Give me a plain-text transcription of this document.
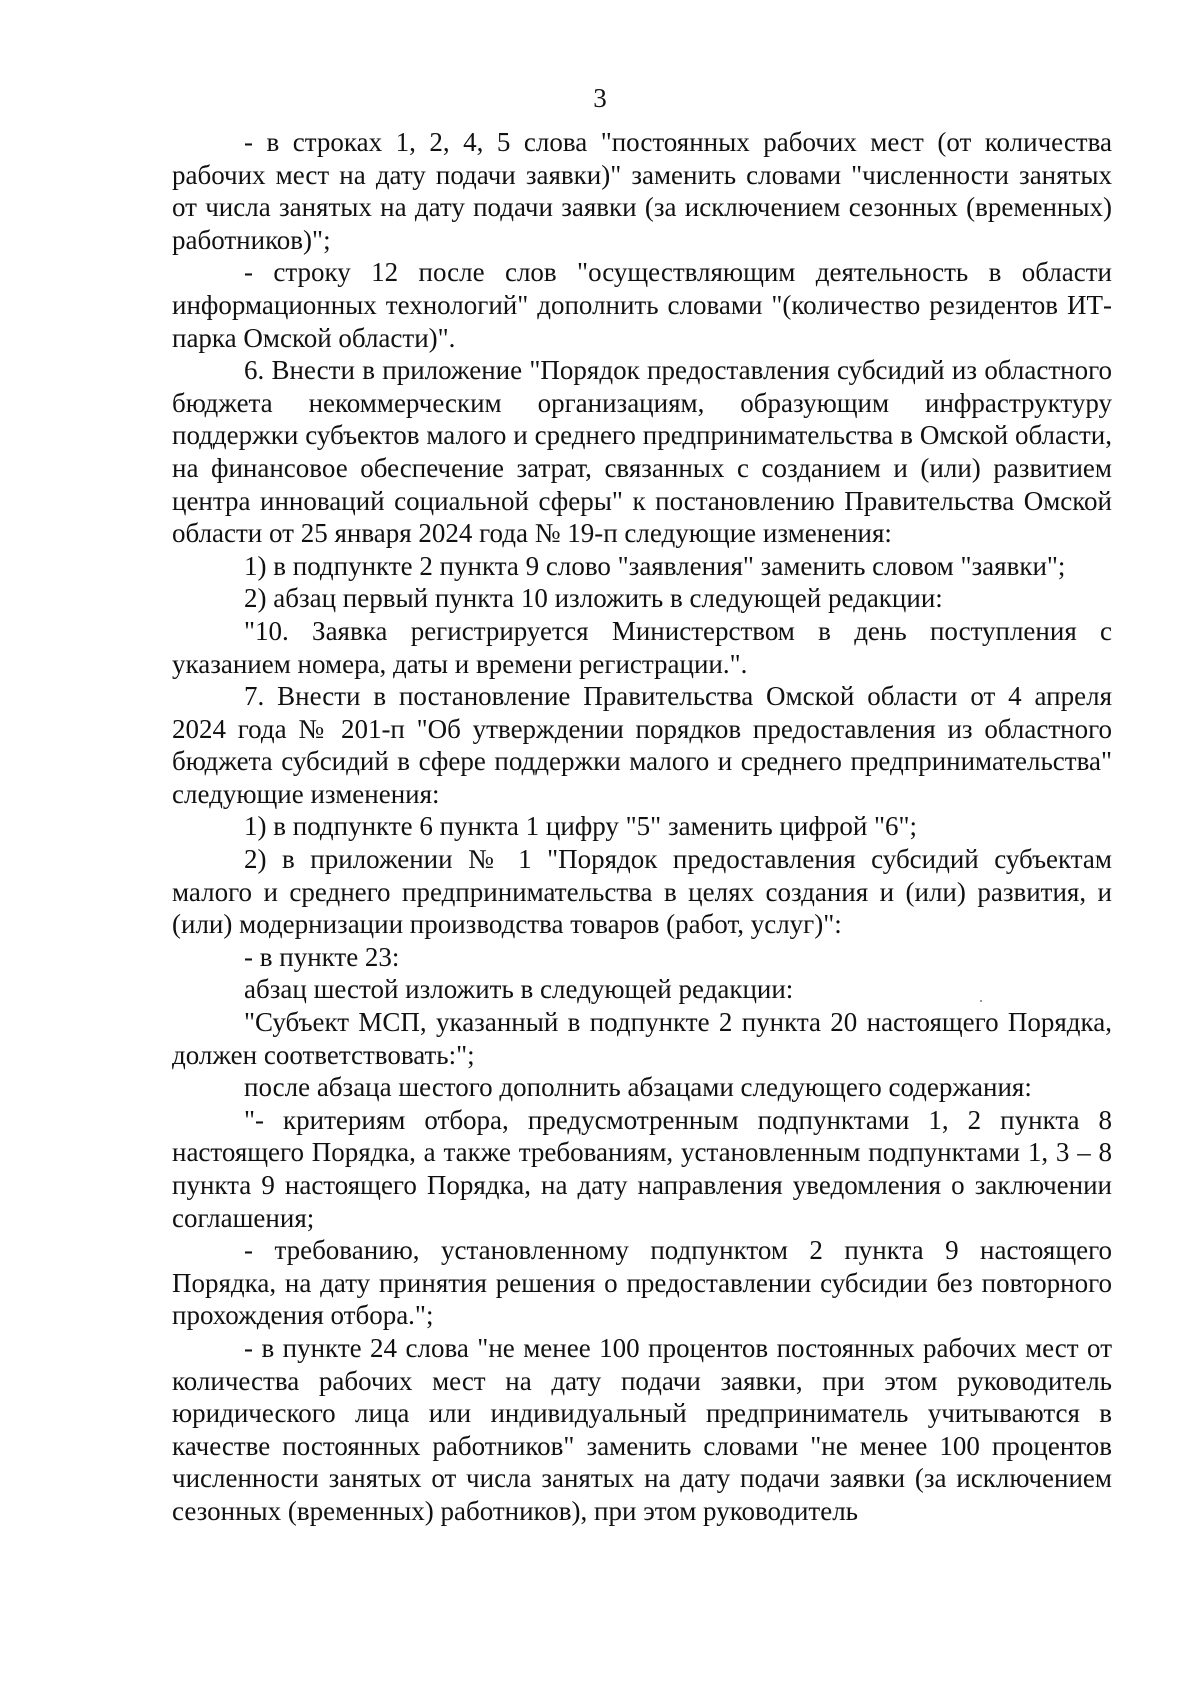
3

- в строках 1, 2, 4, 5 слова "постоянных рабочих мест (от количества рабочих мест на дату подачи заявки)" заменить словами "численности занятых от числа занятых на дату подачи заявки (за исключением сезонных (временных) работников)";

- строку 12 после слов "осуществляющим деятельность в области информационных технологий" дополнить словами "(количество резидентов ИТ-парка Омской области)".

6. Внести в приложение "Порядок предоставления субсидий из областного бюджета некоммерческим организациям, образующим инфраструктуру поддержки субъектов малого и среднего предпринимательства в Омской области, на финансовое обеспечение затрат, связанных с созданием и (или) развитием центра инноваций социальной сферы" к постановлению Правительства Омской области от 25 января 2024 года № 19-п следующие изменения:

1) в подпункте 2 пункта 9 слово "заявления" заменить словом "заявки";

2) абзац первый пункта 10 изложить в следующей редакции:

"10. Заявка регистрируется Министерством в день поступления с указанием номера, даты и времени регистрации.".

7. Внести в постановление Правительства Омской области от 4 апреля 2024 года № 201-п "Об утверждении порядков предоставления из областного бюджета субсидий в сфере поддержки малого и среднего предпринимательства" следующие изменения:

1) в подпункте 6 пункта 1 цифру "5" заменить цифрой "6";

2) в приложении № 1 "Порядок предоставления субсидий субъектам малого и среднего предпринимательства в целях создания и (или) развития, и (или) модернизации производства товаров (работ, услуг)":

- в пункте 23:

абзац шестой изложить в следующей редакции:

"Субъект МСП, указанный в подпункте 2 пункта 20 настоящего Порядка, должен соответствовать:";

после абзаца шестого дополнить абзацами следующего содержания:

"- критериям отбора, предусмотренным подпунктами 1, 2 пункта 8 настоящего Порядка, а также требованиям, установленным подпунктами 1, 3 – 8 пункта 9 настоящего Порядка, на дату направления уведомления о заключении соглашения;

- требованию, установленному подпунктом 2 пункта 9 настоящего Порядка, на дату принятия решения о предоставлении субсидии без повторного прохождения отбора.";

- в пункте 24 слова "не менее 100 процентов постоянных рабочих мест от количества рабочих мест на дату подачи заявки, при этом руководитель юридического лица или индивидуальный предприниматель учитываются в качестве постоянных работников" заменить словами "не менее 100 процентов численности занятых от числа занятых на дату подачи заявки (за исключением сезонных (временных) работников), при этом руководитель
